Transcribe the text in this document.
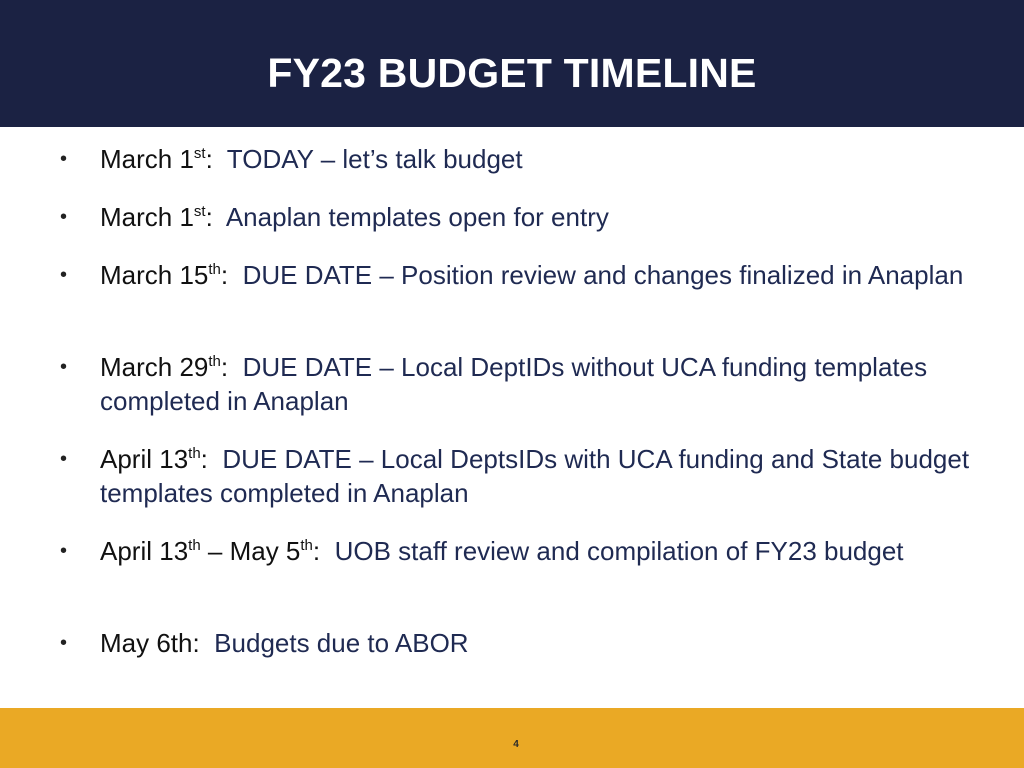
FY23 BUDGET TIMELINE
• March 1st:  TODAY – let’s talk budget
• March 1st:  Anaplan templates open for entry
• March 15th:  DUE DATE – Position review and changes finalized in Anaplan
• March 29th:  DUE DATE – Local DeptIDs without UCA funding templates completed in Anaplan
• April 13th:  DUE DATE – Local DeptsIDs with UCA funding and State budget templates completed in Anaplan
• April 13th – May 5th:  UOB staff review and compilation of FY23 budget
• May 6th:  Budgets due to ABOR
4
